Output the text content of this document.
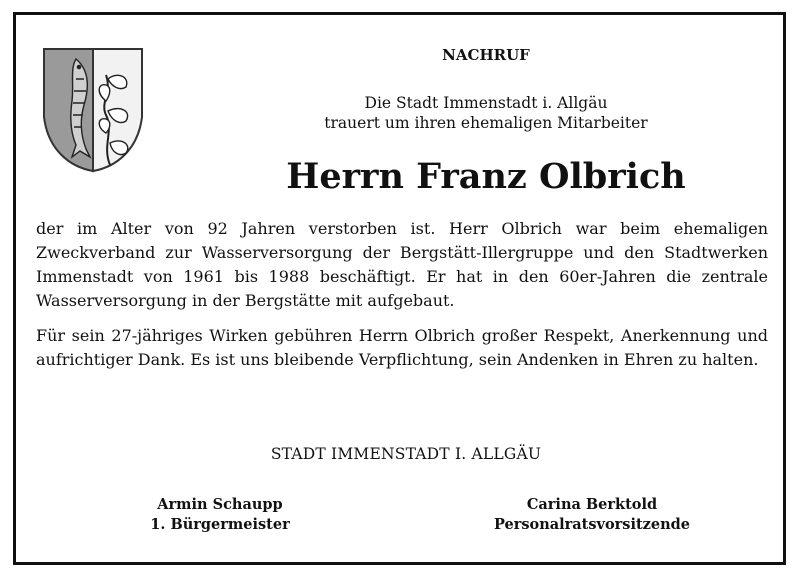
NACHRUF
Die Stadt Immenstadt i. Allgäu
trauert um ihren ehemaligen Mitarbeiter
Herrn Franz Olbrich

der im Alter von 92 Jahren verstorben ist. Herr Olbrich war beim ehemaligen Zweckverband zur Wasserversorgung der Bergstätt-Illergruppe und den Stadtwerken Immenstadt von 1961 bis 1988 beschäftigt. Er hat in den 60er-Jahren die zentrale Wasserversorgung in der Bergstätte mit aufgebaut.

Für sein 27-jähriges Wirken gebühren Herrn Olbrich großer Respekt, Anerkennung und aufrichtiger Dank. Es ist uns bleibende Verpflichtung, sein Andenken in Ehren zu halten.

STADT IMMENSTADT I. ALLGÄU
Armin Schaupp
1. Bürgermeister
Carina Berktold
Personalratsvorsitzende
